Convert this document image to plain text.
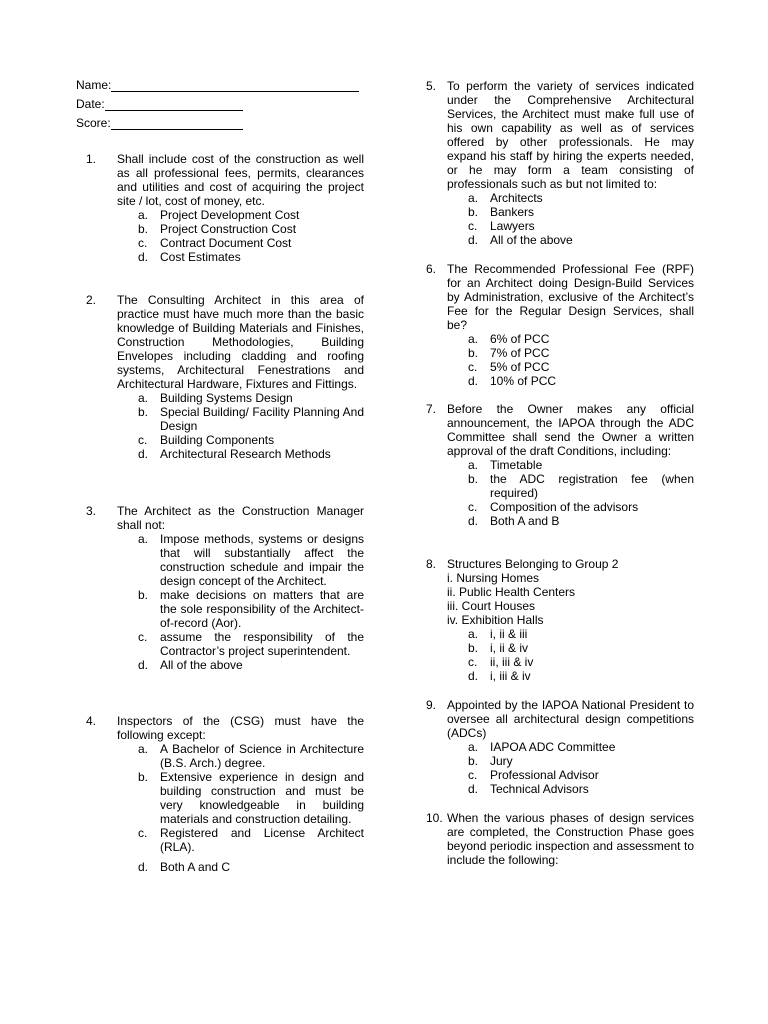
Name:
Date:
Score:
1. Shall include cost of the construction as well as all professional fees, permits, clearances and utilities and cost of acquiring the project site / lot, cost of money, etc.
a. Project Development Cost
b. Project Construction Cost
c. Contract Document Cost
d. Cost Estimates
2. The Consulting Architect in this area of practice must have much more than the basic knowledge of Building Materials and Finishes, Construction Methodologies, Building Envelopes including cladding and roofing systems, Architectural Fenestrations and Architectural Hardware, Fixtures and Fittings.
a. Building Systems Design
b. Special Building/ Facility Planning And Design
c. Building Components
d. Architectural Research Methods
3. The Architect as the Construction Manager shall not:
a. Impose methods, systems or designs that will substantially affect the construction schedule and impair the design concept of the Architect.
b. make decisions on matters that are the sole responsibility of the Architect-of-record (Aor).
c. assume the responsibility of the Contractor’s project superintendent.
d. All of the above
4. Inspectors of the (CSG) must have the following except:
a. A Bachelor of Science in Architecture (B.S. Arch.) degree.
b. Extensive experience in design and building construction and must be very knowledgeable in building materials and construction detailing.
c. Registered and License Architect (RLA).
d. Both A and C
5. To perform the variety of services indicated under the Comprehensive Architectural Services, the Architect must make full use of his own capability as well as of services offered by other professionals. He may expand his staff by hiring the experts needed, or he may form a team consisting of professionals such as but not limited to:
a. Architects
b. Bankers
c. Lawyers
d. All of the above
6. The Recommended Professional Fee (RPF) for an Architect doing Design-Build Services by Administration, exclusive of the Architect’s Fee for the Regular Design Services, shall be?
a. 6% of PCC
b. 7% of PCC
c. 5% of PCC
d. 10% of PCC
7. Before the Owner makes any official announcement, the IAPOA through the ADC Committee shall send the Owner a written approval of the draft Conditions, including:
a. Timetable
b. the ADC registration fee (when required)
c. Composition of the advisors
d. Both A and B
8. Structures Belonging to Group 2
i. Nursing Homes
ii. Public Health Centers
iii. Court Houses
iv. Exhibition Halls
a. i, ii & iii
b. i, ii & iv
c. ii, iii & iv
d. i, iii & iv
9. Appointed by the IAPOA National President to oversee all architectural design competitions (ADCs)
a. IAPOA ADC Committee
b. Jury
c. Professional Advisor
d. Technical Advisors
10. When the various phases of design services are completed, the Construction Phase goes beyond periodic inspection and assessment to include the following:
